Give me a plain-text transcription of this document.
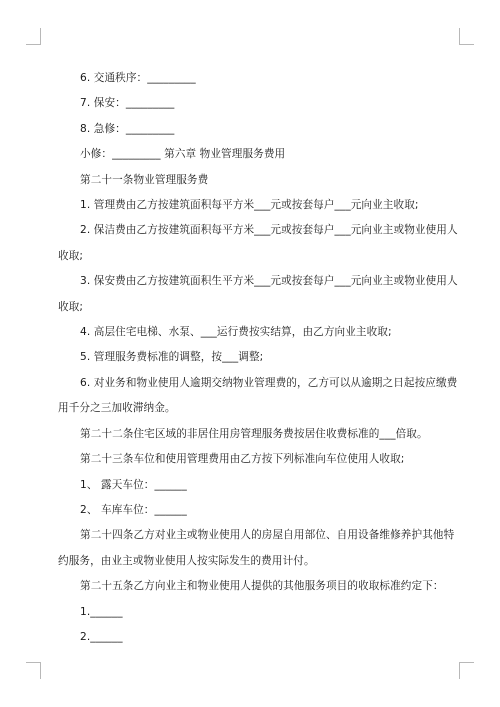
6. 交通秩序：_________
7. 保安：_________
8. 急修：_________
小修：_________ 第六章 物业管理服务费用
第二十一条物业管理服务费
1. 管理费由乙方按建筑面积每平方米___元或按套每户___元向业主收取;
2. 保洁费由乙方按建筑面积每平方米___元或按套每户___元向业主或物业使用人
收取;
3. 保安费由乙方按建筑面积生平方米___元或按套每户___元向业主或物业使用人
收取;
4. 高层住宅电梯、水泵、___运行费按实结算，由乙方向业主收取;
5. 管理服务费标准的调整，按___调整;
6. 对业务和物业使用人逾期交纳物业管理费的，乙方可以从逾期之日起按应缴费
用千分之三加收滞纳金。
第二十二条住宅区域的非居住用房管理服务费按居住收费标准的___倍取。
第二十三条车位和使用管理费用由乙方按下列标准向车位使用人收取;
1、 露天车位：______
2、 车库车位：______
第二十四条乙方对业主或物业使用人的房屋自用部位、自用设备维修养护其他特
约服务，由业主或物业使用人按实际发生的费用计付。
第二十五条乙方向业主和物业使用人提供的其他服务项目的收取标准约定下：
1.______
2.______
